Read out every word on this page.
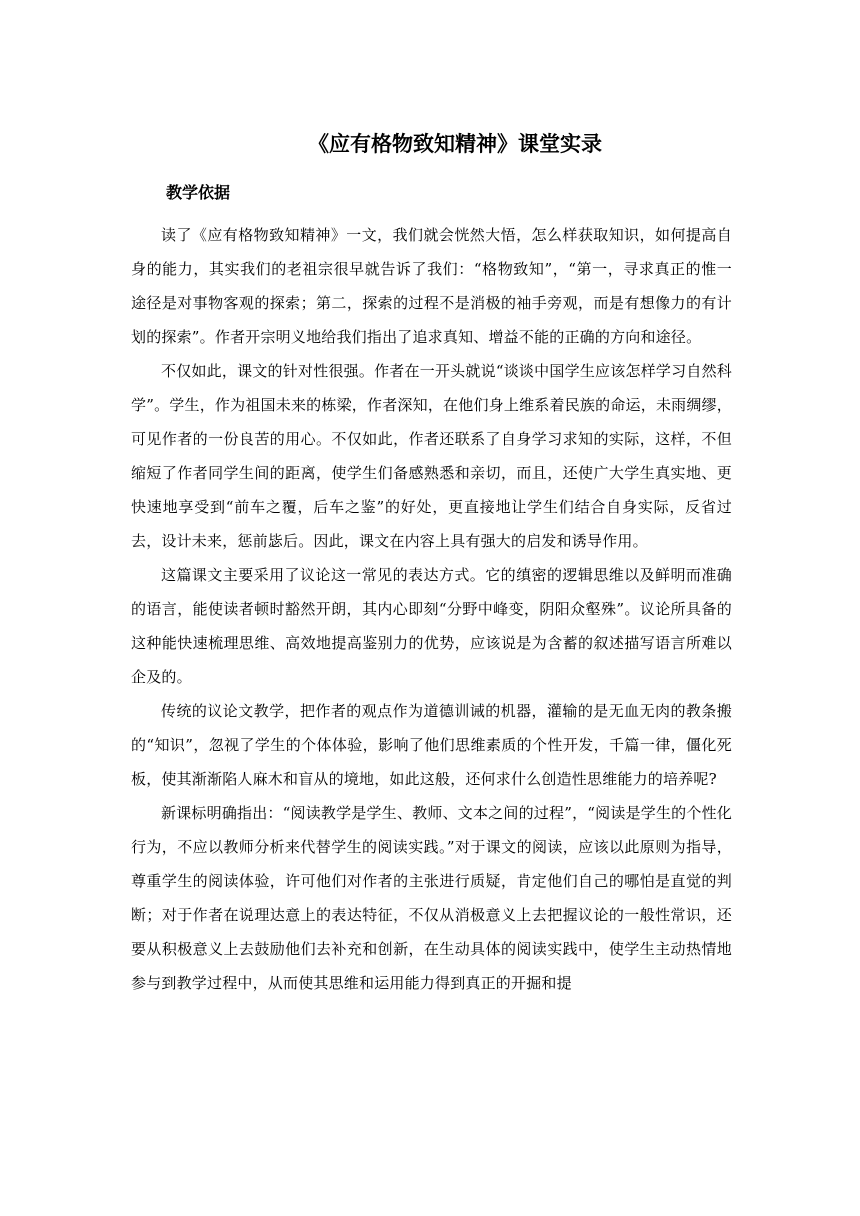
《应有格物致知精神》课堂实录
教学依据

读了《应有格物致知精神》一文，我们就会恍然大悟，怎么样获取知识，如何提高自身的能力，其实我们的老祖宗很早就告诉了我们：“格物致知”，“第一，寻求真正的惟一途径是对事物客观的探索；第二，探索的过程不是消极的袖手旁观，而是有想像力的有计划的探索”。作者开宗明义地给我们指出了追求真知、增益不能的正确的方向和途径。

不仅如此，课文的针对性很强。作者在一开头就说“谈谈中国学生应该怎样学习自然科学”。学生，作为祖国未来的栋梁，作者深知，在他们身上维系着民族的命运，未雨绸缪，可见作者的一份良苦的用心。不仅如此，作者还联系了自身学习求知的实际，这样，不但缩短了作者同学生间的距离，使学生们备感熟悉和亲切，而且，还使广大学生真实地、更快速地享受到“前车之覆，后车之鉴”的好处，更直接地让学生们结合自身实际，反省过去，设计未来，惩前毖后。因此，课文在内容上具有强大的启发和诱导作用。

这篇课文主要采用了议论这一常见的表达方式。它的缜密的逻辑思维以及鲜明而准确的语言，能使读者顿时豁然开朗，其内心即刻“分野中峰变，阴阳众壑殊”。议论所具备的这种能快速梳理思维、高效地提高鉴别力的优势，应该说是为含蓄的叙述描写语言所难以企及的。

传统的议论文教学，把作者的观点作为道德训诫的机器，灌输的是无血无肉的教条搬的“知识”，忽视了学生的个体体验，影响了他们思维素质的个性开发，千篇一律，僵化死板，使其渐渐陷人麻木和盲从的境地，如此这般，还何求什么创造性思维能力的培养呢?

新课标明确指出：“阅读教学是学生、教师、文本之间的过程”，“阅读是学生的个性化行为，不应以教师分析来代替学生的阅读实践。”对于课文的阅读，应该以此原则为指导，尊重学生的阅读体验，许可他们对作者的主张进行质疑，肯定他们自己的哪怕是直觉的判断；对于作者在说理达意上的表达特征，不仅从消极意义上去把握议论的一般性常识，还要从积极意义上去鼓励他们去补充和创新，在生动具体的阅读实践中，使学生主动热情地参与到教学过程中，从而使其思维和运用能力得到真正的开掘和提
